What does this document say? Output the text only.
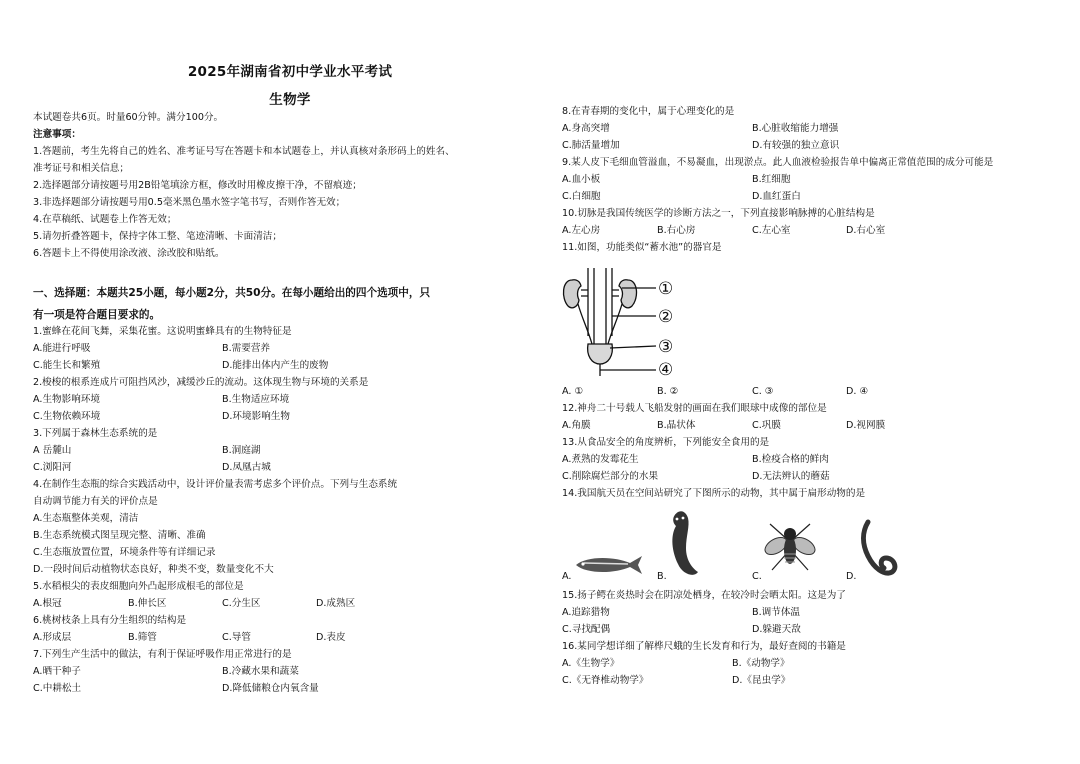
2025年湖南省初中学业水平考试
生物学
本试题卷共6页。时量60分钟。满分100分。
注意事项：
1.答题前，考生先将自己的姓名、准考证号写在答题卡和本试题卷上，并认真核对条形码上的姓名、
准考证号和相关信息；
2.选择题部分请按题号用2B铅笔填涂方框，修改时用橡皮擦干净，不留痕迹；
3.非选择题部分请按题号用0.5毫米黑色墨水签字笔书写，否则作答无效；
4.在草稿纸、试题卷上作答无效；
5.请勿折叠答题卡，保持字体工整、笔迹清晰、卡面清洁；
6.答题卡上不得使用涂改液、涂改胶和贴纸。
一、选择题：本题共25小题，每小题2分，共50分。在每小题给出的四个选项中，只
有一项是符合题目要求的。
1.蜜蜂在花间飞舞，采集花蜜。这说明蜜蜂具有的生物特征是
A.能进行呼吸	B.需要营养
C.能生长和繁殖	D.能排出体内产生的废物
2.梭梭的根系连成片可阻挡风沙，减缓沙丘的流动。这体现生物与环境的关系是
A.生物影响环境	B.生物适应环境
C.生物依赖环境	D.环境影响生物
3.下列属于森林生态系统的是
A 岳麓山	B.洞庭湖
C.浏阳河	D.凤凰古城
4.在制作生态瓶的综合实践活动中，设计评价量表需考虑多个评价点。下列与生态系统
自动调节能力有关的评价点是
A.生态瓶整体美观，清洁
B.生态系统模式图呈现完整、清晰、准确
C.生态瓶放置位置，环境条件等有详细记录
D.一段时间后动植物状态良好，种类不变，数量变化不大
5.水稻根尖的表皮细胞向外凸起形成根毛的部位是
A.根冠	B.伸长区	C.分生区	D.成熟区
6.桃树枝条上具有分生组织的结构是
A.形成层	B.筛管	C.导管	D.表皮
7.下列生产生活中的做法，有利于保证呼吸作用正常进行的是
A.晒干种子	B.冷藏水果和蔬菜
C.中耕松土	D.降低储粮仓内氧含量
8.在青春期的变化中，属于心理变化的是
A.身高突增	B.心脏收缩能力增强
C.肺活量增加	D.有较强的独立意识
9.某人皮下毛细血管溢血，不易凝血，出现淤点。此人血液检验报告单中偏离正常值范围的成分可能是
A.血小板	B.红细胞
C.白细胞	D.血红蛋白
10.切脉是我国传统医学的诊断方法之一，下列直接影响脉搏的心脏结构是
A.左心房	B.右心房	C.左心室	D.右心室
11.如图，功能类似“蓄水池”的器官是
①
②
③
④
A. ①	B. ②	C. ③	D. ④
12.神舟二十号载人飞船发射的画面在我们眼球中成像的部位是
A.角膜	B.晶状体	C.巩膜	D.视网膜
13.从食品安全的角度辨析，下列能安全食用的是
A.煮熟的发霉花生	B.检疫合格的鲜肉
C.削除腐烂部分的水果	D.无法辨认的蘑菇
14.我国航天员在空间站研究了下图所示的动物，其中属于扁形动物的是
A.	B.	C.	D.
15.扬子鳄在炎热时会在阴凉处栖身，在较冷时会晒太阳。这是为了
A.追踪猎物	B.调节体温
C.寻找配偶	D.躲避天敌
16.某同学想详细了解桦尺蛾的生长发育和行为，最好查阅的书籍是
A.《生物学》	B.《动物学》
C.《无脊椎动物学》	D.《昆虫学》
